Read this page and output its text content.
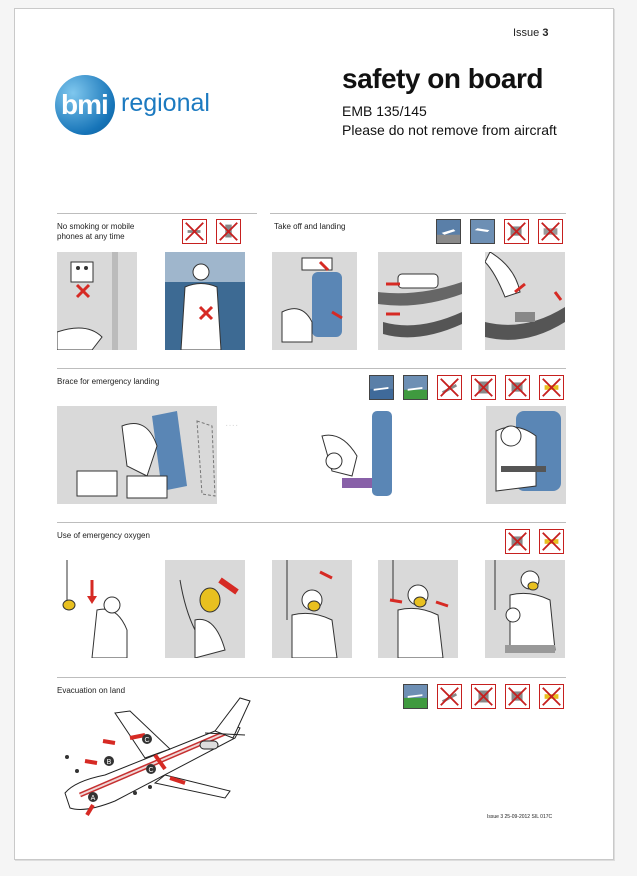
Issue 3
bmi regional
safety on board
EMB 135/145
Please do not remove from aircraft
No smoking or mobile
phones at any time
Take off and landing
Brace for emergency landing
····
Use of emergency oxygen
Evacuation on land
C
B
C
A
Issue 3 25-09-2012 SIL 017C
